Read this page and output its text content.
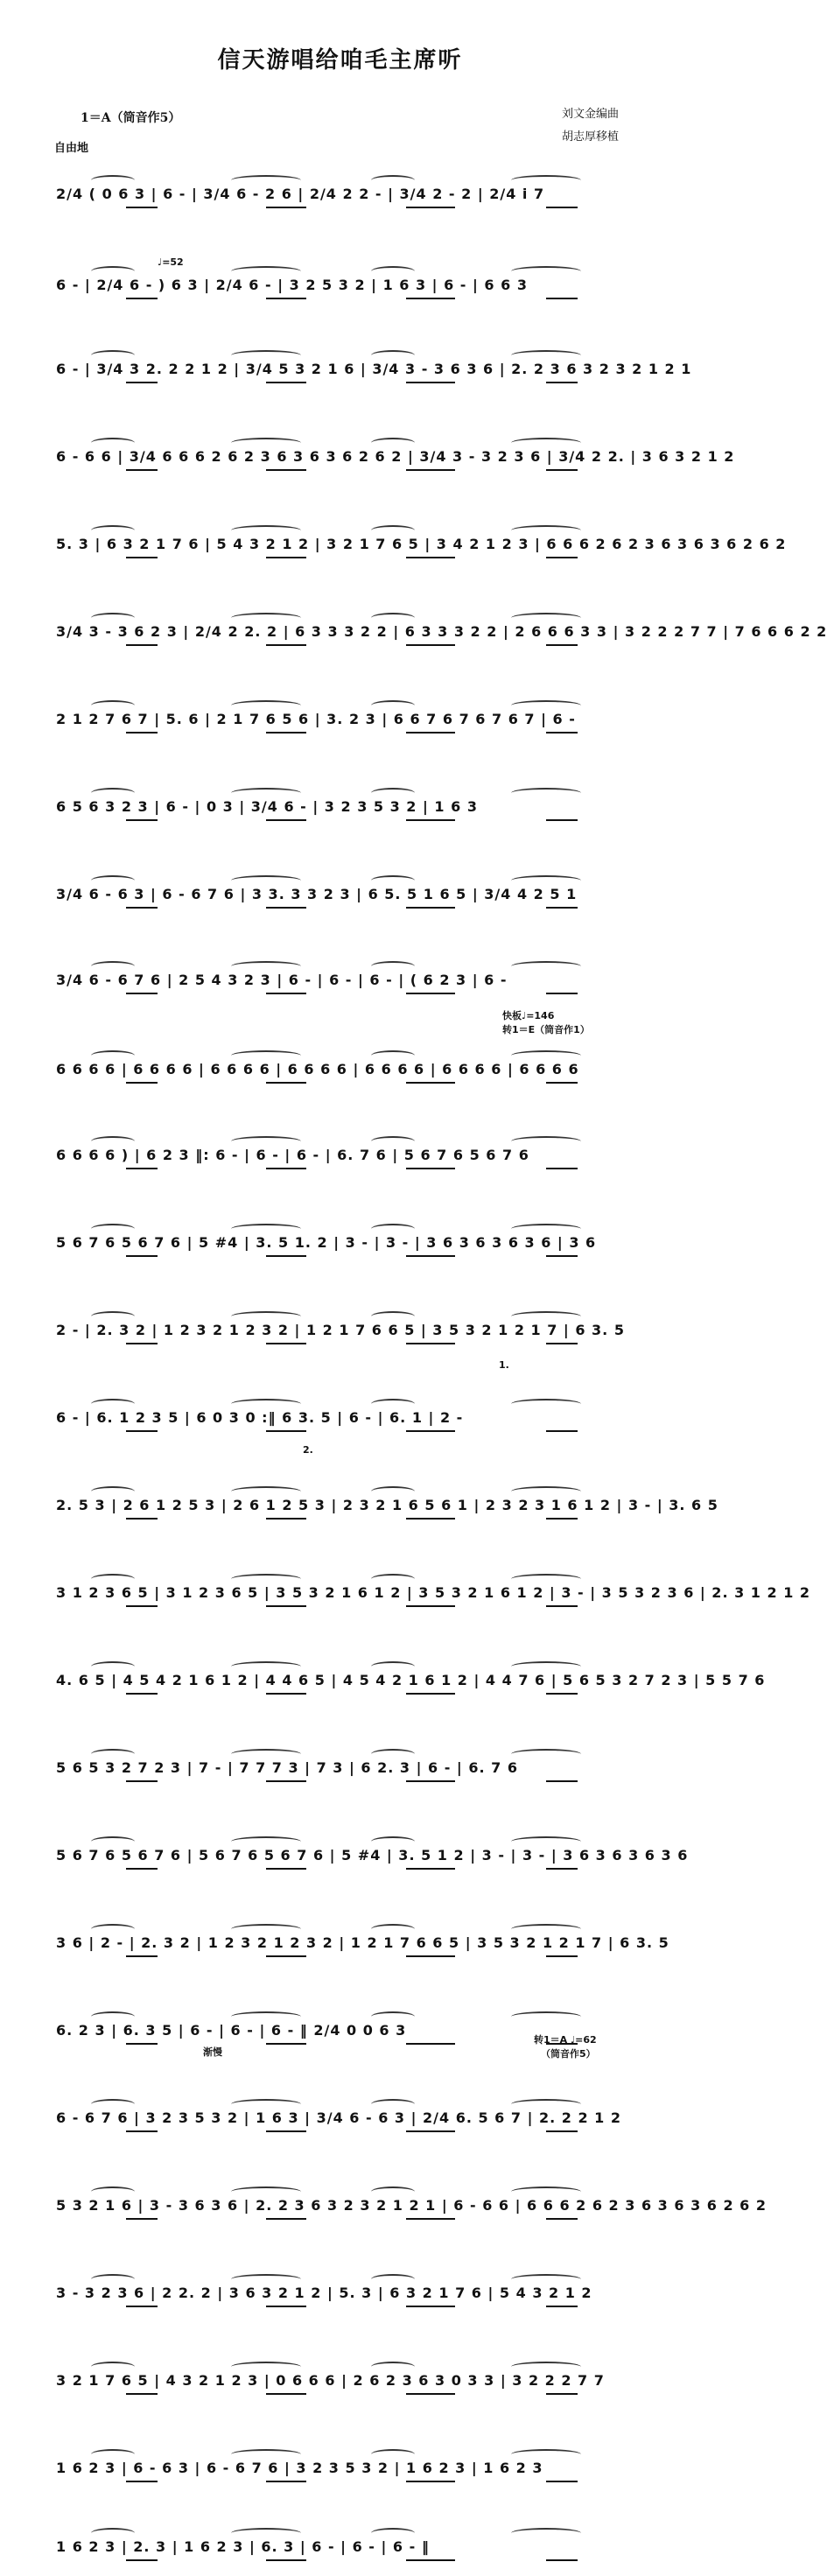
信天游唱给咱毛主席听
刘文金编曲
胡志厚移植
1＝A（筒音作5）
自由地
2/4 ( 0 6 3 | 6 - | 3/4 6 - 2 6 | 2/4 2 2 - | 3/4 2 - 2 | 2/4 i 7
6 - | 2/4 6 - ) 6 3 | 2/4 6 - | 3 2 5 3 2 | 1 6 3 | 6 - | 6 6 3
6 - | 3/4 3 2. 2 2 1 2 | 3/4 5 3 2 1 6 | 3/4 3 - 3 6 3 6 | 2. 2 3 6 3 2 3 2 1 2 1
6 - 6 6 | 3/4 6 6 6 2 6 2 3 6 3 6 3 6 2 6 2 | 3/4 3 - 3 2 3 6 | 3/4 2 2. | 3 6 3 2 1 2
5. 3 | 6 3 2 1 7 6 | 5 4 3 2 1 2 | 3 2 1 7 6 5 | 3 4 2 1 2 3 | 6 6 6 2 6 2 3 6 3 6 3 6 2 6 2
3/4 3 - 3 6 2 3 | 2/4 2 2. 2 | 6 3 3 3 2 2 | 6 3 3 3 2 2 | 2 6 6 6 3 3 | 3 2 2 2 7 7 | 7 6 6 6 2 2
2 1 2 7 6 7 | 5. 6 | 2 1 7 6 5 6 | 3. 2 3 | 6 6 7 6 7 6 7 6 7 | 6 -
6 5 6 3 2 3 | 6 - | 0 3 | 3/4 6 - | 3 2 3 5 3 2 | 1 6 3
3/4 6 - 6 3 | 6 - 6 7 6 | 3 3. 3 3 2 3 | 6 5. 5 1 6 5 | 3/4 4 2 5 1
3/4 6 - 6 7 6 | 2 5 4 3 2 3 | 6 - | 6 - | 6 - | ( 6 2 3 | 6 -
6 6 6 6 | 6 6 6 6 | 6 6 6 6 | 6 6 6 6 | 6 6 6 6 | 6 6 6 6 | 6 6 6 6
6 6 6 6 ) | 6 2 3 ‖: 6 - | 6 - | 6 - | 6. 7 6 | 5 6 7 6 5 6 7 6
5 6 7 6 5 6 7 6 | 5 #4 | 3. 5 1. 2 | 3 - | 3 - | 3 6 3 6 3 6 3 6 | 3 6
2 - | 2. 3 2 | 1 2 3 2 1 2 3 2 | 1 2 1 7 6 6 5 | 3 5 3 2 1 2 1 7 | 6 3. 5
6 - | 6. 1 2 3 5 | 6 0 3 0 :‖ 6 3. 5 | 6 - | 6. 1 | 2 -
2. 5 3 | 2 6 1 2 5 3 | 2 6 1 2 5 3 | 2 3 2 1 6 5 6 1 | 2 3 2 3 1 6 1 2 | 3 - | 3. 6 5
3 1 2 3 6 5 | 3 1 2 3 6 5 | 3 5 3 2 1 6 1 2 | 3 5 3 2 1 6 1 2 | 3 - | 3 5 3 2 3 6 | 2. 3 1 2 1 2
4. 6 5 | 4 5 4 2 1 6 1 2 | 4 4 6 5 | 4 5 4 2 1 6 1 2 | 4 4 7 6 | 5 6 5 3 2 7 2 3 | 5 5 7 6
5 6 5 3 2 7 2 3 | 7 - | 7 7 7 3 | 7 3 | 6 2. 3 | 6 - | 6. 7 6
5 6 7 6 5 6 7 6 | 5 6 7 6 5 6 7 6 | 5 #4 | 3. 5 1 2 | 3 - | 3 - | 3 6 3 6 3 6 3 6
3 6 | 2 - | 2. 3 2 | 1 2 3 2 1 2 3 2 | 1 2 1 7 6 6 5 | 3 5 3 2 1 2 1 7 | 6 3. 5
6. 2 3 | 6. 3 5 | 6 - | 6 - | 6 - ‖ 2/4 0 0 6 3
6 - 6 7 6 | 3 2 3 5 3 2 | 1 6 3 | 3/4 6 - 6 3 | 2/4 6. 5 6 7 | 2. 2 2 1 2
5 3 2 1 6 | 3 - 3 6 3 6 | 2. 2 3 6 3 2 3 2 1 2 1 | 6 - 6 6 | 6 6 6 2 6 2 3 6 3 6 3 6 2 6 2
3 - 3 2 3 6 | 2 2. 2 | 3 6 3 2 1 2 | 5. 3 | 6 3 2 1 7 6 | 5 4 3 2 1 2
3 2 1 7 6 5 | 4 3 2 1 2 3 | 0 6 6 6 | 2 6 2 3 6 3 0 3 3 | 3 2 2 2 7 7
1 6 2 3 | 6 - 6 3 | 6 - 6 7 6 | 3 2 3 5 3 2 | 1 6 2 3 | 1 6 2 3
1 6 2 3 | 2. 3 | 1 6 2 3 | 6. 3 | 6 - | 6 - | 6 - ‖
快板♩=146
转1＝E（筒音作1）
♩=52
1.
2.
渐慢
转1＝A ♩=62
（筒音作5）
